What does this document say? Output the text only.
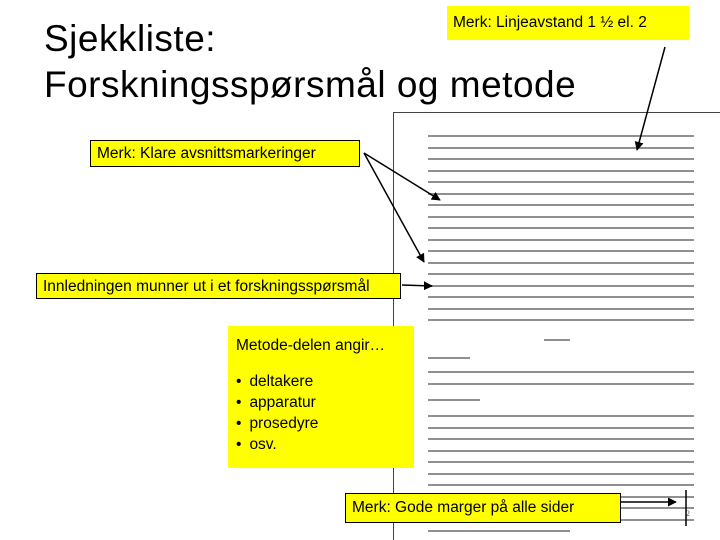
Sjekkliste:
Forskningsspørsmål og metode
2
Merk: Linjeavstand 1 ½ el. 2
Merk: Klare avsnittsmarkeringer
Innledningen munner ut i et forskningsspørsmål
Metode-delen angir…
• deltakere
• apparatur
• prosedyre
• osv.
Merk: Gode marger på alle sider
